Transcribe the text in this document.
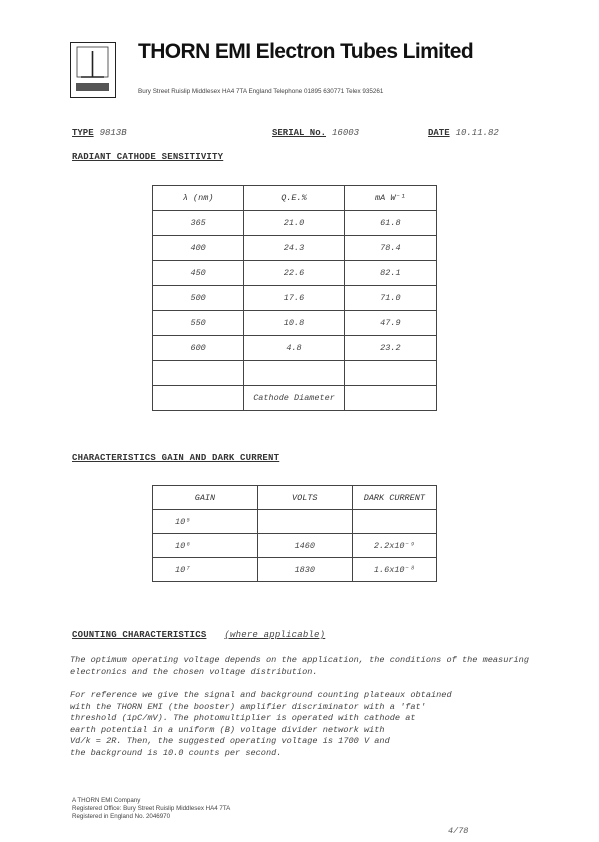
THORN EMI Electron Tubes Limited
Bury Street Ruislip Middlesex HA4 7TA England Telephone 01895 630771 Telex 935261
TYPE 9813B	SERIAL No. 16003	DATE 10.11.82
RADIANT CATHODE SENSITIVITY
λ (nm)	Q.E.%	mA W⁻¹
365	21.0	61.8
400	24.3	78.4
450	22.6	82.1
500	17.6	71.0
550	10.8	47.9
600	4.8	23.2

	Cathode Diameter	
CHARACTERISTICS GAIN AND DARK CURRENT
GAIN	VOLTS	DARK CURRENT
10⁵		
10⁶	1460	2.2x10⁻⁹
10⁷	1830	1.6x10⁻⁸
COUNTING CHARACTERISTICS (where applicable)
The optimum operating voltage depends on the application, the conditions of the measuring electronics and the chosen voltage distribution.
For reference we give the signal and background counting plateaux obtained
with the THORN EMI (the booster) amplifier discriminator with a 'fat'
threshold (1pC/mV). The photomultiplier is operated with cathode at
earth potential in a uniform (B) voltage divider network with
Vd/k = 2R. Then, the suggested operating voltage is 1700 V and
the background is 10.0 counts per second.
A THORN EMI Company
Registered Office: Bury Street Ruislip Middlesex HA4 7TA
Registered in England No. 2046970
4/78
